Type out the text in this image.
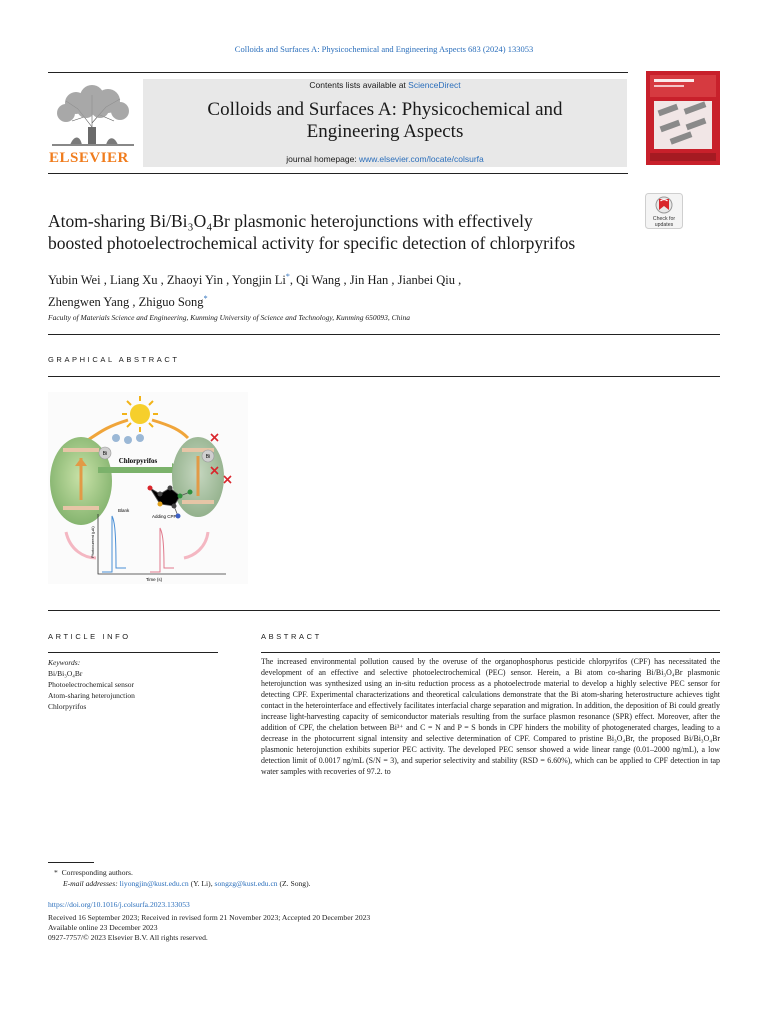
Colloids and Surfaces A: Physicochemical and Engineering Aspects 683 (2024) 133053
ELSEVIER
Contents lists available at ScienceDirect
Colloids and Surfaces A: Physicochemical and
Engineering Aspects
journal homepage: www.elsevier.com/locate/colsurfa
Atom-sharing Bi/Bi₃O₄Br plasmonic heterojunctions with effectively
boosted photoelectrochemical activity for specific detection of chlorpyrifos
Check for
updates
Yubin Wei , Liang Xu , Zhaoyi Yin , Yongjin Li*, Qi Wang , Jin Han , Jianbei Qiu ,
Zhengwen Yang , Zhiguo Song*
Faculty of Materials Science and Engineering, Kunming University of Science and Technology, Kunming 650093, China
GRAPHICAL ABSTRACT
Bi
Chlorpyrifos	Bi
Blank
Adding CPF
Photocurrent (μA)
Time (s)
ARTICLE INFO	ABSTRACT
Keywords:
Bi/Bi₃O₄Br
Photoelectrochemical sensor
Atom-sharing heterojunction
Chlorpyrifos
The increased environmental pollution caused by the overuse of the organophosphorus pesticide chlorpyrifos (CPF) has necessitated the development of an effective and selective photoelectrochemical (PEC) sensor. Herein, a Bi atom co-sharing Bi/Bi₃O₄Br plasmonic heterojunction was synthesized using an in-situ reduction process as a photoelectrode material to develop a highly selective PEC sensor for detecting CPF. Experimental characterizations and theoretical calculations demonstrate that the Bi atom-sharing heterostructure achieves tight contact in the heterointerface and effectively facilitates interfacial charge separation and migration. In addition, the deposition of Bi could greatly increase light-harvesting capacity of semiconductor materials resulting from the surface plasmon resonance (SPR) effect. Moreover, after the addition of CPF, the chelation between Bi³⁺ and C = N and P = S bonds in CPF hinders the mobility of photogenerated charges, leading to a decrease in the photocurrent signal intensity and selective determination of CPF. Compared to pristine Bi₃O₄Br, the proposed Bi/Bi₃O₄Br plasmonic heterojunction exhibits superior PEC activity. The developed PEC sensor showed a wide linear range (0.01–2000 ng/mL), a low detection limit of 0.0017 ng/mL (S/N = 3), and superior selectivity and stability (RSD = 6.60%), which can be applied to CPF detection in tap water samples with recoveries of 97.2. to
* Corresponding authors.
E-mail addresses: liyongjin@kust.edu.cn (Y. Li), songzg@kust.edu.cn (Z. Song).
https://doi.org/10.1016/j.colsurfa.2023.133053
Received 16 September 2023; Received in revised form 21 November 2023; Accepted 20 December 2023
Available online 23 December 2023
0927-7757/© 2023 Elsevier B.V. All rights reserved.
